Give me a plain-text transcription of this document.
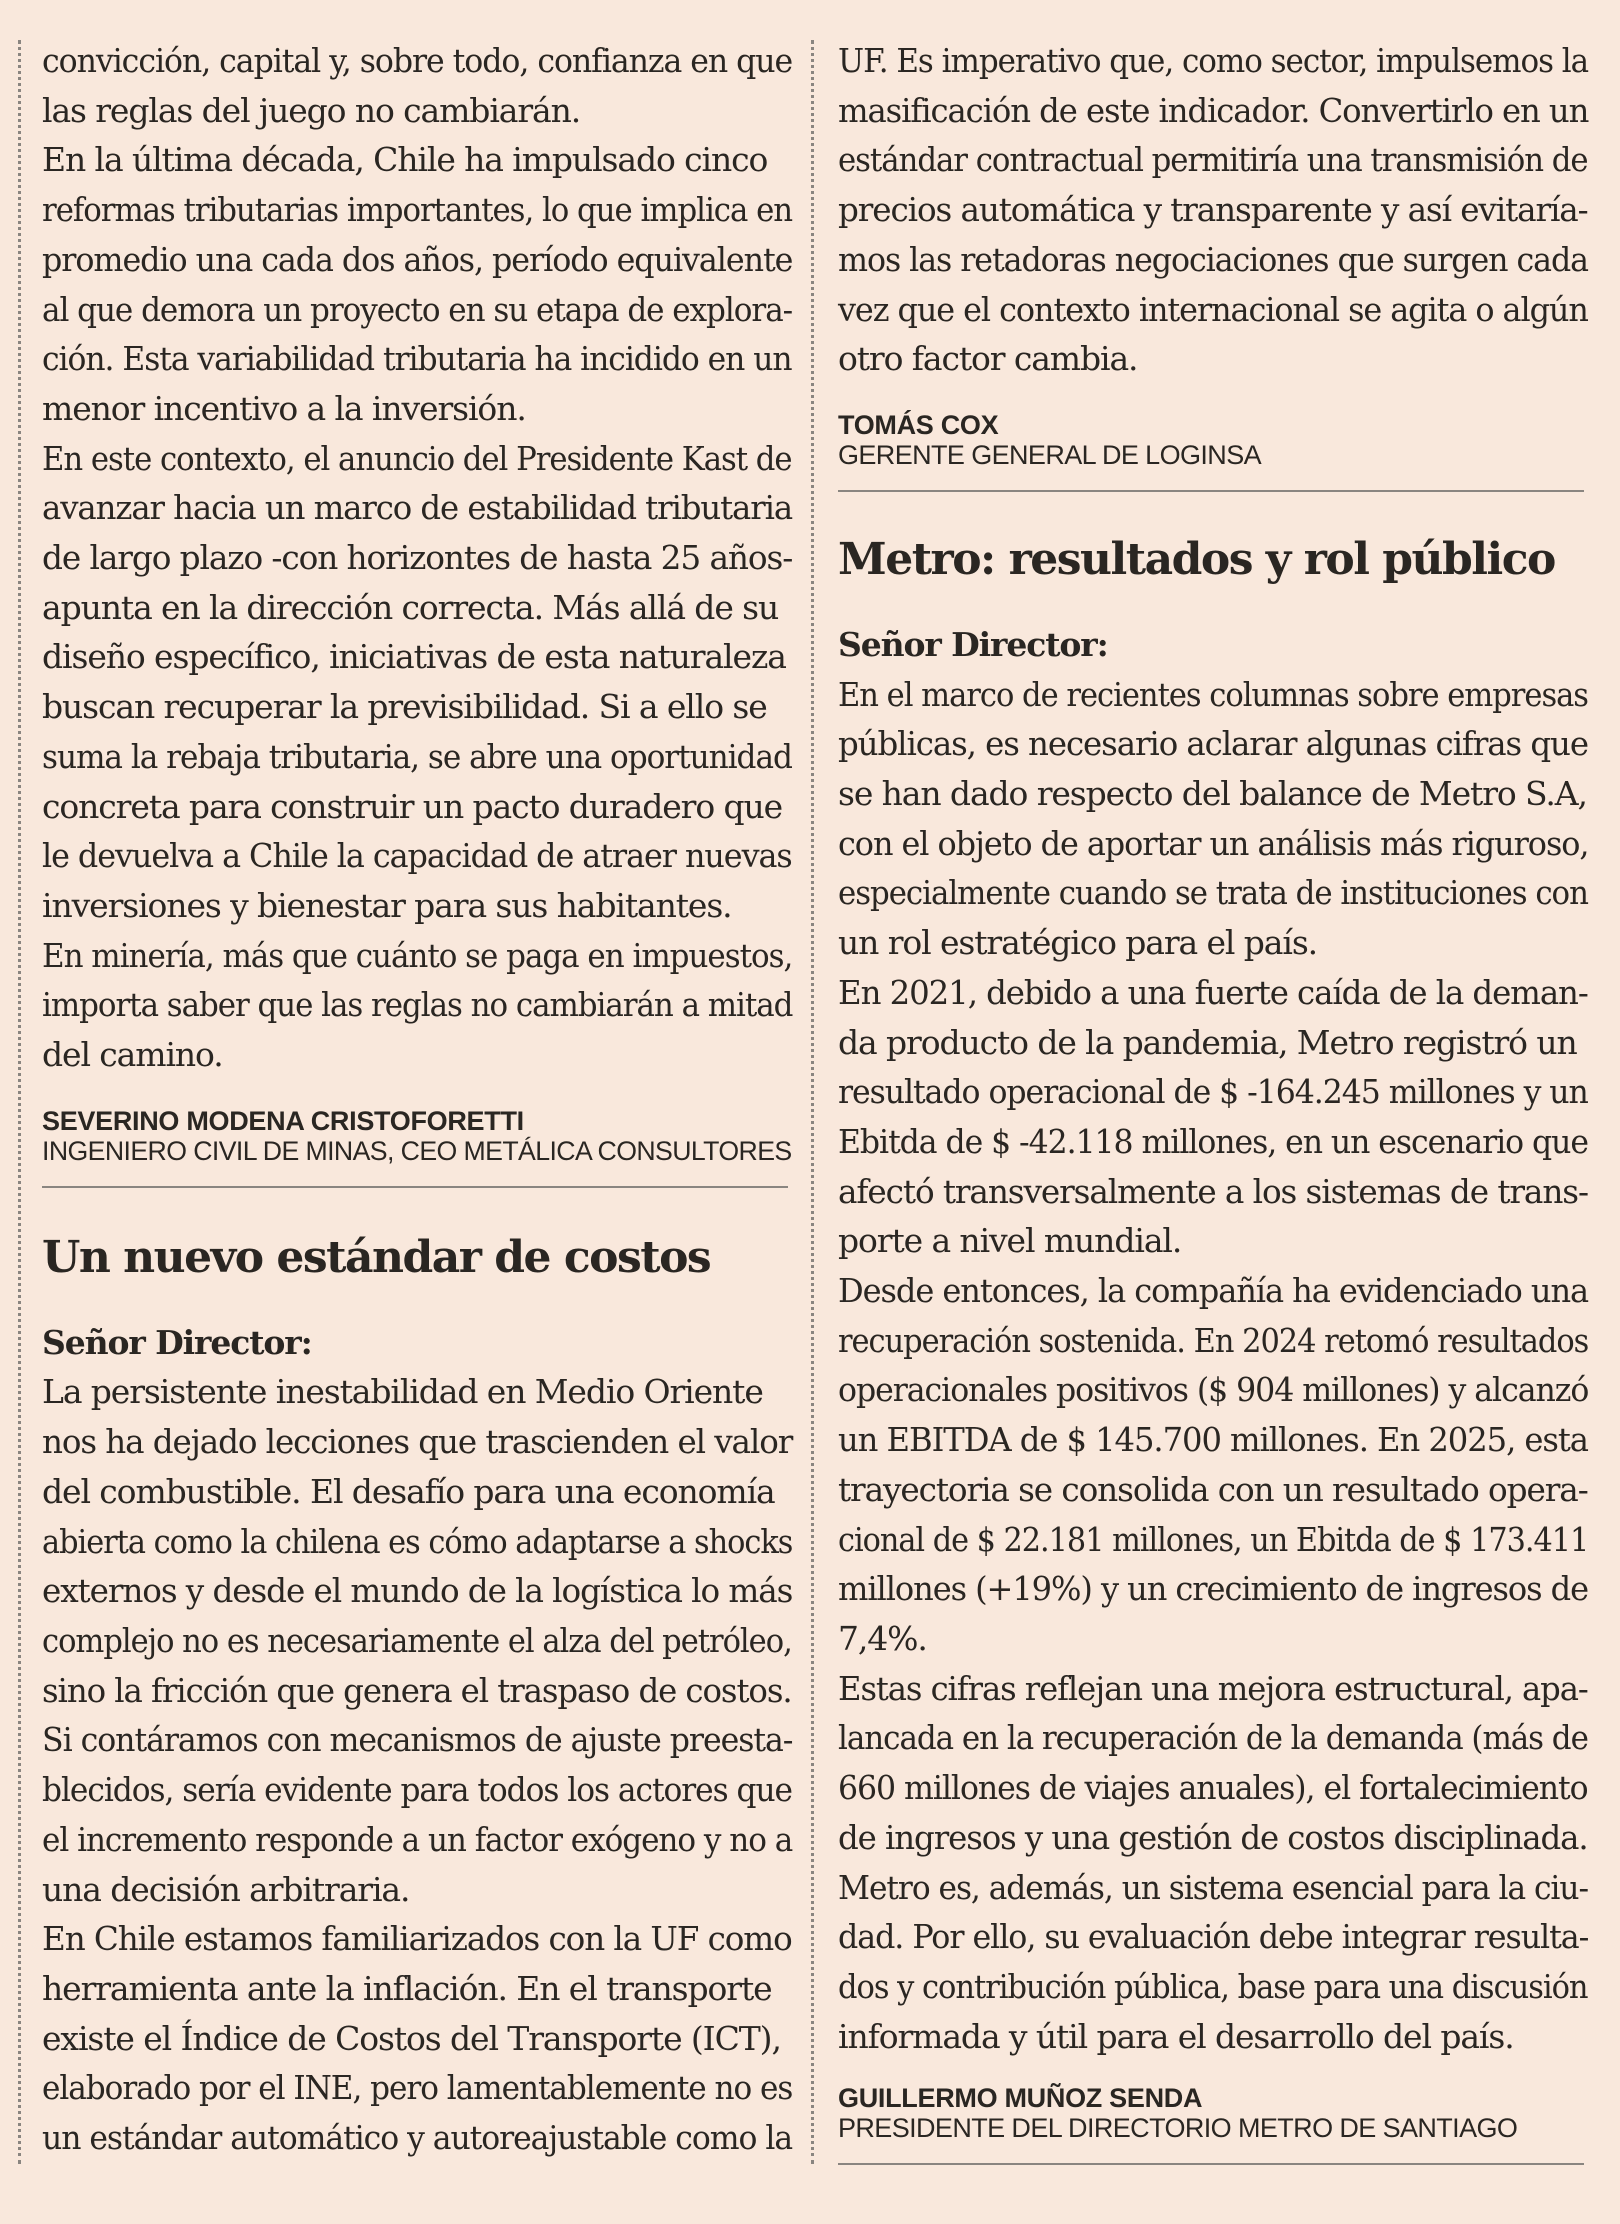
convicción, capital y, sobre todo, confianza en que
las reglas del juego no cambiarán.

En la última década, Chile ha impulsado cinco
reformas tributarias importantes, lo que implica en
promedio una cada dos años, período equivalente
al que demora un proyecto en su etapa de explora-
ción. Esta variabilidad tributaria ha incidido en un
menor incentivo a la inversión.

En este contexto, el anuncio del Presidente Kast de
avanzar hacia un marco de estabilidad tributaria
de largo plazo -con horizontes de hasta 25 años-
apunta en la dirección correcta. Más allá de su
diseño específico, iniciativas de esta naturaleza
buscan recuperar la previsibilidad. Si a ello se
suma la rebaja tributaria, se abre una oportunidad
concreta para construir un pacto duradero que
le devuelva a Chile la capacidad de atraer nuevas
inversiones y bienestar para sus habitantes.

En minería, más que cuánto se paga en impuestos,
importa saber que las reglas no cambiarán a mitad
del camino.

SEVERINO MODENA CRISTOFORETTI

INGENIERO CIVIL DE MINAS, CEO METÁLICA CONSULTORES

Un nuevo estándar de costos

Señor Director:

La persistente inestabilidad en Medio Oriente
nos ha dejado lecciones que trascienden el valor
del combustible. El desafío para una economía
abierta como la chilena es cómo adaptarse a shocks
externos y desde el mundo de la logística lo más
complejo no es necesariamente el alza del petróleo,
sino la fricción que genera el traspaso de costos.

Si contáramos con mecanismos de ajuste preesta-
blecidos, sería evidente para todos los actores que
el incremento responde a un factor exógeno y no a
una decisión arbitraria.

En Chile estamos familiarizados con la UF como
herramienta ante la inflación. En el transporte
existe el Índice de Costos del Transporte (ICT),
elaborado por el INE, pero lamentablemente no es
un estándar automático y autoreajustable como la

UF. Es imperativo que, como sector, impulsemos la
masificación de este indicador. Convertirlo en un
estándar contractual permitiría una transmisión de
precios automática y transparente y así evitaría-
mos las retadoras negociaciones que surgen cada
vez que el contexto internacional se agita o algún
otro factor cambia.

TOMÁS COX

GERENTE GENERAL DE LOGINSA

Metro: resultados y rol público

Señor Director:

En el marco de recientes columnas sobre empresas
públicas, es necesario aclarar algunas cifras que
se han dado respecto del balance de Metro S.A,
con el objeto de aportar un análisis más riguroso,
especialmente cuando se trata de instituciones con
un rol estratégico para el país.

En 2021, debido a una fuerte caída de la deman-
da producto de la pandemia, Metro registró un
resultado operacional de $ -164.245 millones y un
Ebitda de $ -42.118 millones, en un escenario que
afectó transversalmente a los sistemas de trans-
porte a nivel mundial.

Desde entonces, la compañía ha evidenciado una
recuperación sostenida. En 2024 retomó resultados
operacionales positivos ($ 904 millones) y alcanzó
un EBITDA de $ 145.700 millones. En 2025, esta
trayectoria se consolida con un resultado opera-
cional de $ 22.181 millones, un Ebitda de $ 173.411
millones (+19%) y un crecimiento de ingresos de
7,4%.

Estas cifras reflejan una mejora estructural, apa-
lancada en la recuperación de la demanda (más de
660 millones de viajes anuales), el fortalecimiento
de ingresos y una gestión de costos disciplinada.

Metro es, además, un sistema esencial para la ciu-
dad. Por ello, su evaluación debe integrar resulta-
dos y contribución pública, base para una discusión
informada y útil para el desarrollo del país.

GUILLERMO MUÑOZ SENDA

PRESIDENTE DEL DIRECTORIO METRO DE SANTIAGO
